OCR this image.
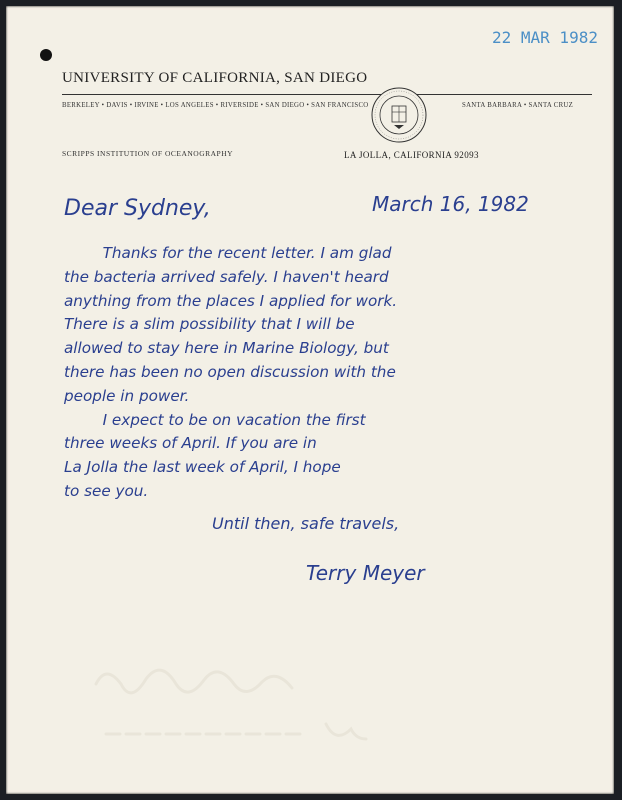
22 MAR 1982
UNIVERSITY OF CALIFORNIA, SAN DIEGO
BERKELEY • DAVIS • IRVINE • LOS ANGELES • RIVERSIDE • SAN DIEGO • SAN FRANCISCO	SANTA BARBARA • SANTA CRUZ
SCRIPPS INSTITUTION OF OCEANOGRAPHY	LA JOLLA, CALIFORNIA 92093
Dear Sydney,	March 16, 1982
Thanks for the recent letter. I am glad
the bacteria arrived safely. I haven't heard
anything from the places I applied for work.
There is a slim possibility that I will be
allowed to stay here in Marine Biology, but
there has been no open discussion with the
people in power.
I expect to be on vacation the first
three weeks of April. If you are in
La Jolla the last week of April, I hope
to see you.
Until then, safe travels,
Terry Meyer
